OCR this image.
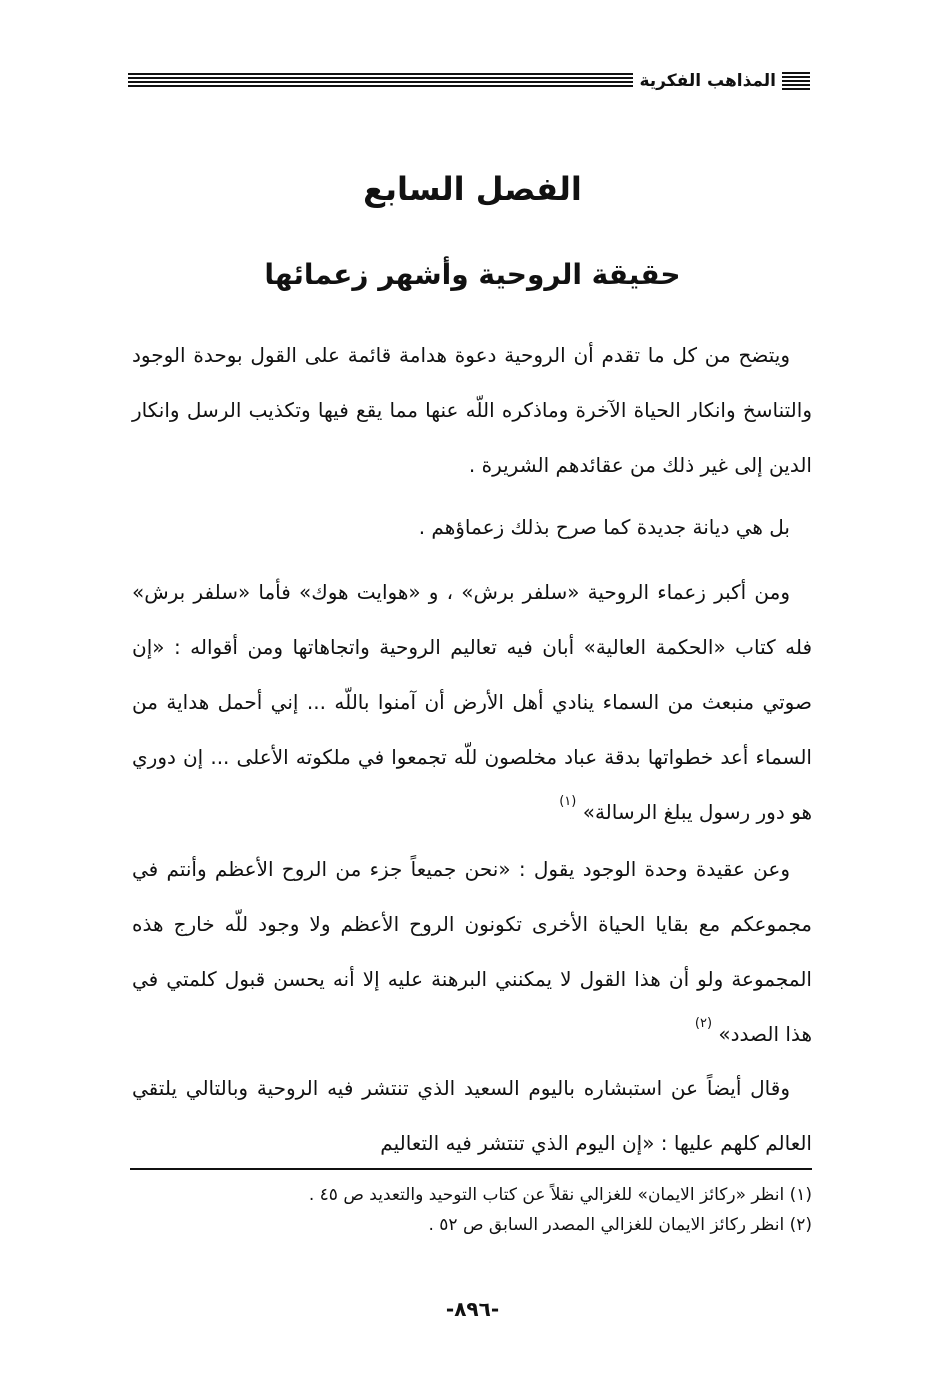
المذاهب الفكرية
الفصل السابع
حقيقة الروحية وأشهر زعمائها

ويتضح من كل ما تقدم أن الروحية دعوة هدامة قائمة على القول بوحدة الوجود والتناسخ وانكار الحياة الآخرة وماذكره اللّه عنها مما يقع فيها وتكذيب الرسل وانكار الدين إلى غير ذلك من عقائدهم الشريرة .

بل هي ديانة جديدة كما صرح بذلك زعماؤهم .

ومن أكبر زعماء الروحية «سلفر برش» ، و «هوايت هوك» فأما «سلفر برش» فله كتاب «الحكمة العالية» أبان فيه تعاليم الروحية واتجاهاتها ومن أقواله : «إن صوتي منبعث من السماء ينادي أهل الأرض أن آمنوا باللّه ... إني أحمل هداية من السماء أعد خطواتها بدقة عباد مخلصون للّه تجمعوا في ملكوته الأعلى ... إن دوري هو دور رسول يبلغ الرسالة» $^{(١)}$

وعن عقيدة وحدة الوجود يقول : «نحن جميعاً جزء من الروح الأعظم وأنتم في مجموعكم مع بقايا الحياة الأخرى تكونون الروح الأعظم ولا وجود للّه خارج هذه المجموعة ولو أن هذا القول لا يمكنني البرهنة عليه إلا أنه يحسن قبول كلمتي في هذا الصدد» $^{(٢)}$

وقال أيضاً عن استبشاره باليوم السعيد الذي تنتشر فيه الروحية وبالتالي يلتقي العالم كلهم عليها : «إن اليوم الذي تنتشر فيه التعاليم

(١) انظر «ركائز الايمان» للغزالي نقلاً عن كتاب التوحيد والتعديد ص ٤٥ .

(٢) انظر ركائز الايمان للغزالي المصدر السابق ص ٥٢ .

-٨٩٦-
